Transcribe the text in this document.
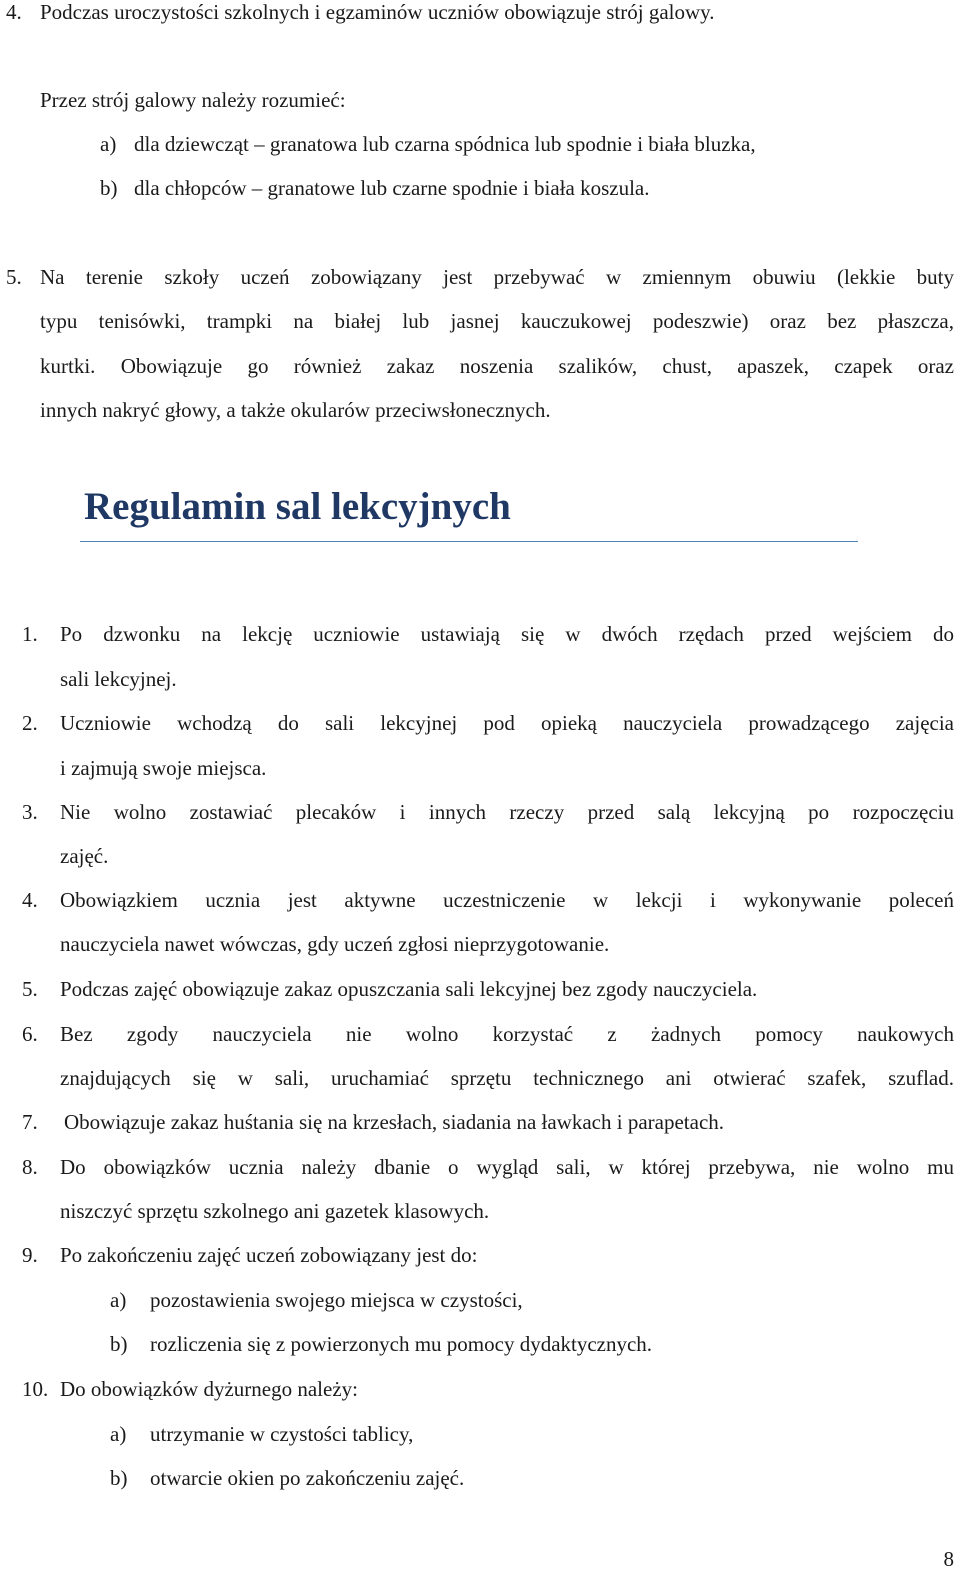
4. Podczas uroczystości szkolnych i egzaminów uczniów obowiązuje strój galowy.
Przez strój galowy należy rozumieć:
a) dla dziewcząt – granatowa lub czarna spódnica lub spodnie i biała bluzka,
b) dla chłopców – granatowe lub czarne spodnie i biała koszula.
5. Na terenie szkoły uczeń zobowiązany jest przebywać w zmiennym obuwiu (lekkie buty
typu tenisówki, trampki na białej lub jasnej kauczukowej podeszwie) oraz bez płaszcza,
kurtki. Obowiązuje go również zakaz noszenia szalików, chust, apaszek, czapek oraz
innych nakryć głowy, a także okularów przeciwsłonecznych.
Regulamin sal lekcyjnych
1. Po dzwonku na lekcję uczniowie ustawiają się w dwóch rzędach przed wejściem do
sali lekcyjnej.
2. Uczniowie wchodzą do sali lekcyjnej pod opieką nauczyciela prowadzącego zajęcia
i zajmują swoje miejsca.
3. Nie wolno zostawiać plecaków i innych rzeczy przed salą lekcyjną po rozpoczęciu
zajęć.
4. Obowiązkiem ucznia jest aktywne uczestniczenie w lekcji i wykonywanie poleceń
nauczyciela nawet wówczas, gdy uczeń zgłosi nieprzygotowanie.
5. Podczas zajęć obowiązuje zakaz opuszczania sali lekcyjnej bez zgody nauczyciela.
6. Bez zgody nauczyciela nie wolno korzystać z żadnych pomocy naukowych
znajdujących się w sali, uruchamiać sprzętu technicznego ani otwierać szafek, szuflad.
7. Obowiązuje zakaz huśtania się na krzesłach, siadania na ławkach i parapetach.
8. Do obowiązków ucznia należy dbanie o wygląd sali, w której przebywa, nie wolno mu
niszczyć sprzętu szkolnego ani gazetek klasowych.
9. Po zakończeniu zajęć uczeń zobowiązany jest do:
a) pozostawienia swojego miejsca w czystości,
b) rozliczenia się z powierzonych mu pomocy dydaktycznych.
10. Do obowiązków dyżurnego należy:
a) utrzymanie w czystości tablicy,
b) otwarcie okien po zakończeniu zajęć.
8
